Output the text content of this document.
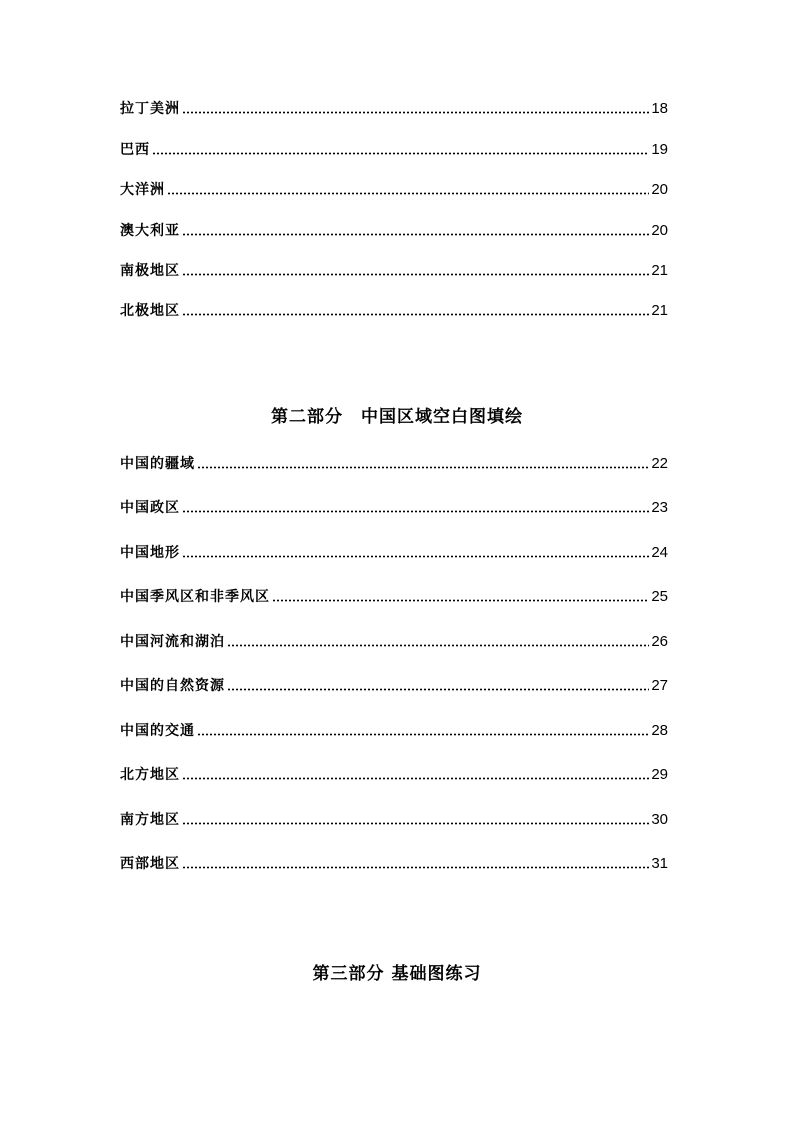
拉丁美洲	18
巴西	19
大洋洲	20
澳大利亚	20
南极地区	21
北极地区	21
第二部分　中国区域空白图填绘
中国的疆域	22
中国政区	23
中国地形	24
中国季风区和非季风区	25
中国河流和湖泊	26
中国的自然资源	27
中国的交通	28
北方地区	29
南方地区	30
西部地区	31
第三部分 基础图练习
